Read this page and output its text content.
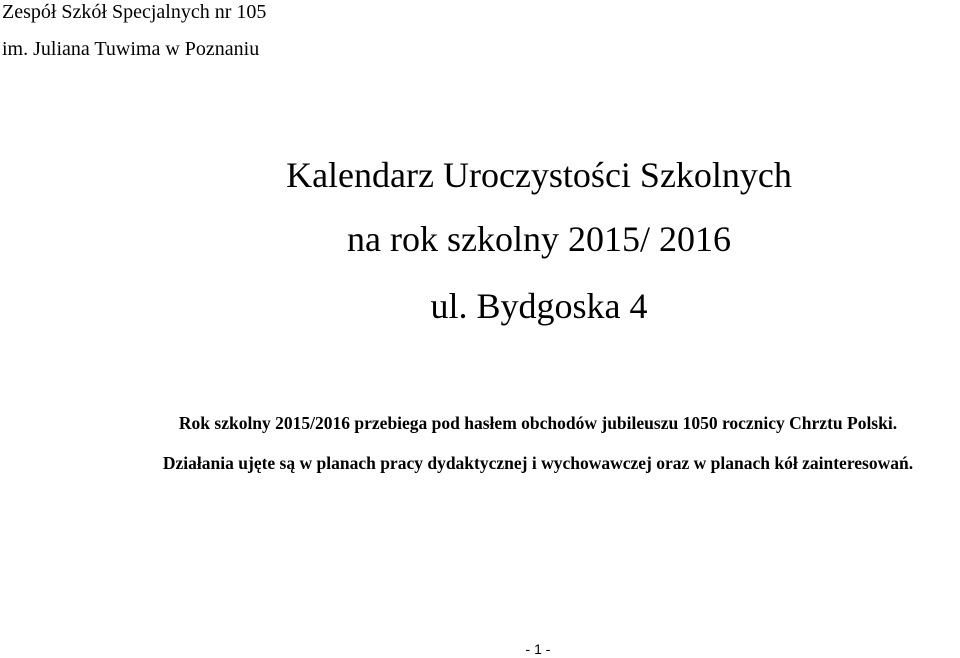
Zespół Szkół Specjalnych nr 105
im. Juliana Tuwima w Poznaniu
Kalendarz Uroczystości Szkolnych
na rok szkolny 2015/ 2016
ul. Bydgoska 4
Rok szkolny 2015/2016 przebiega pod hasłem obchodów jubileuszu 1050 rocznicy Chrztu Polski.
Działania ujęte są w planach pracy dydaktycznej i wychowawczej oraz w planach kół zainteresowań.
- 1 -
